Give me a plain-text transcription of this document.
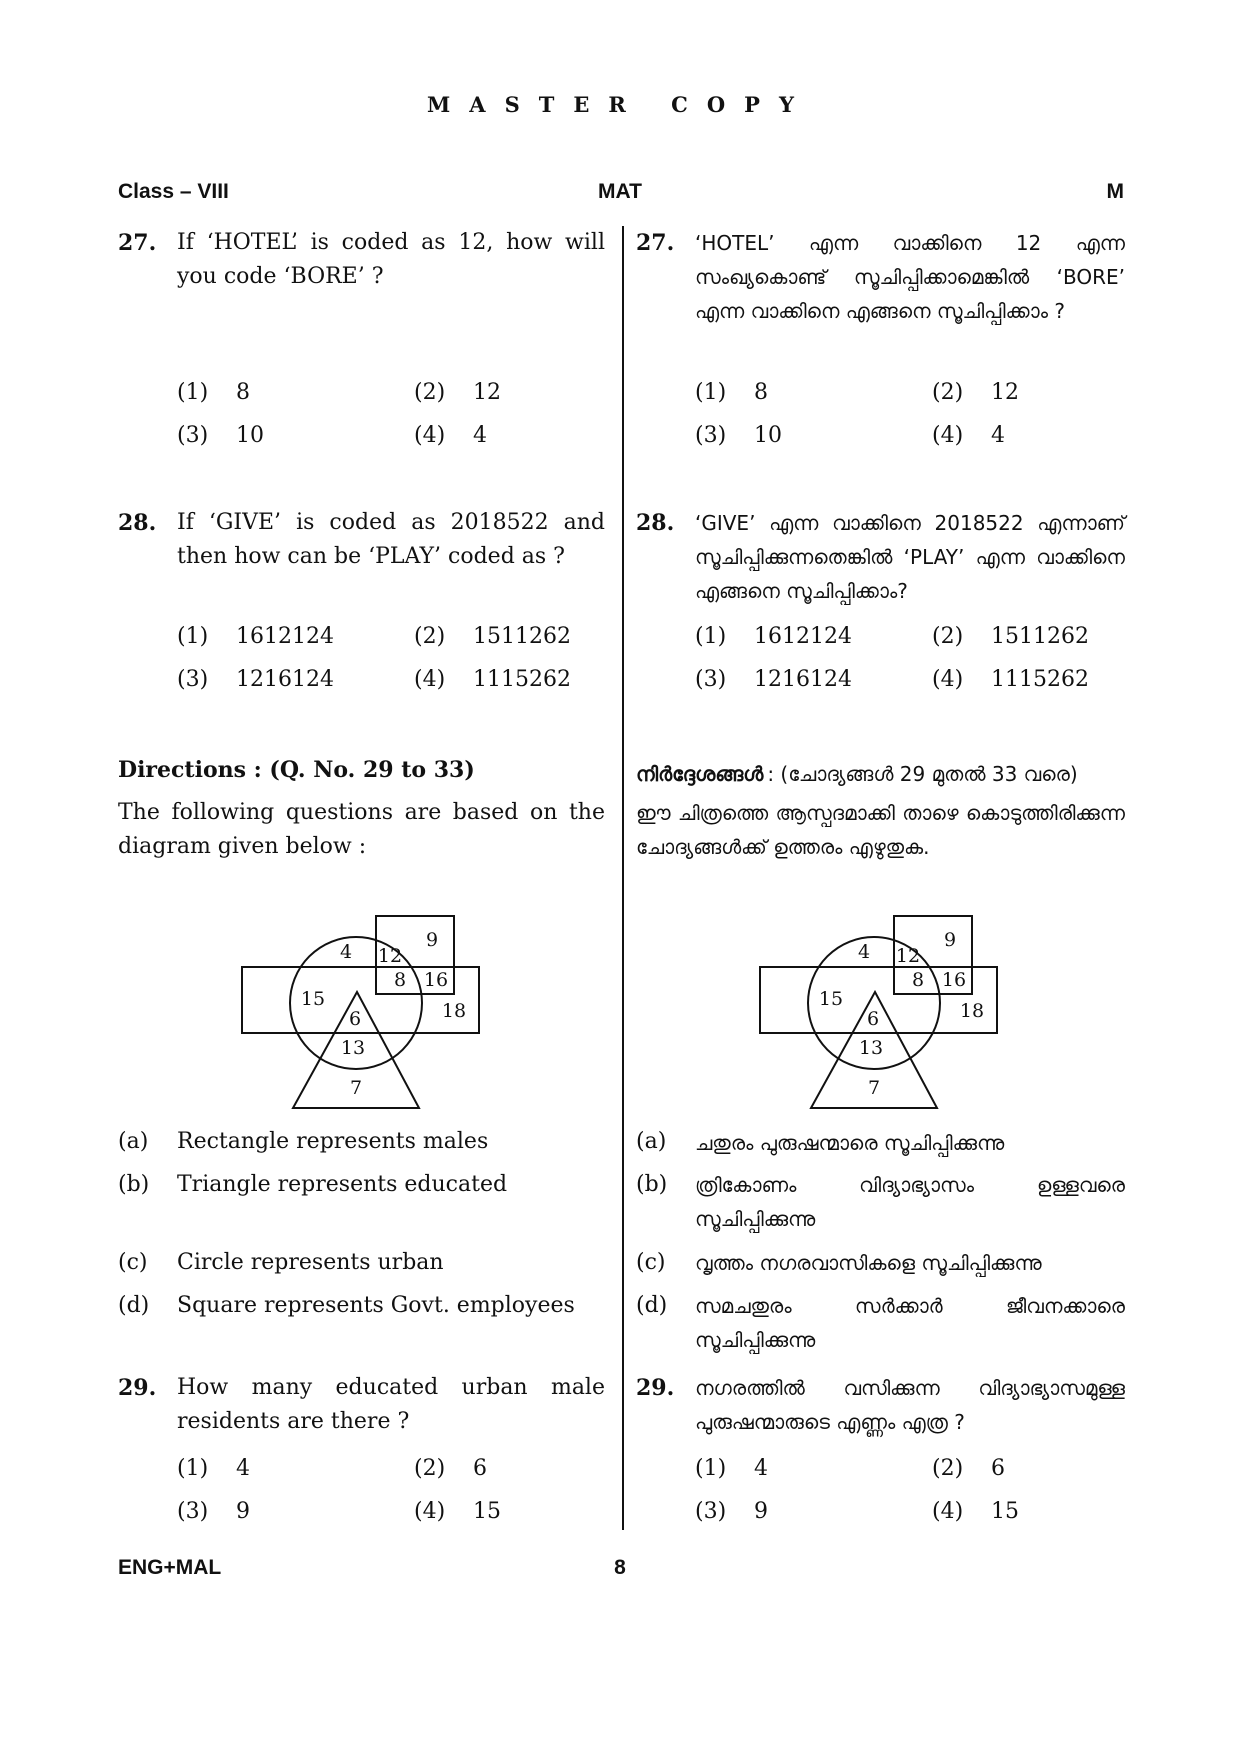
MASTER COPY
Class – VIII	MAT	M
27. If ‘HOTEL’ is coded as 12, how will you code ‘BORE’ ?
(1) 8	(2) 12
(3) 10	(4) 4
28. If ‘GIVE’ is coded as 2018522 and then how can be ‘PLAY’ coded as ?
(1) 1612124	(2) 1511262
(3) 1216124	(4) 1115262
Directions : (Q. No. 29 to 33)
The following questions are based on the diagram given below :
4
9
12
8 16
15
18
6
13
7
(a) Rectangle represents males
(b) Triangle represents educated
(c) Circle represents urban
(d) Square represents Govt. employees
29. How many educated urban male residents are there ?
(1) 4	(2) 6
(3) 9	(4) 15
27. ‘HOTEL’ എന്ന വാക്കിനെ 12 എന്ന സംഖ്യകൊണ്ട് സൂചിപ്പിക്കാമെങ്കിൽ ‘BORE’ എന്ന വാക്കിനെ എങ്ങനെ സൂചിപ്പിക്കാം ?
(1) 8	(2) 12
(3) 10	(4) 4
28. ‘GIVE’ എന്ന വാക്കിനെ 2018522 എന്നാണ് സൂചിപ്പിക്കുന്നതെങ്കിൽ ‘PLAY’ എന്ന വാക്കിനെ എങ്ങനെ സൂചിപ്പിക്കാം?
(1) 1612124	(2) 1511262
(3) 1216124	(4) 1115262
നിർദ്ദേശങ്ങൾ : (ചോദ്യങ്ങൾ 29 മുതൽ 33 വരെ)
ഈ ചിത്രത്തെ ആസ്പദമാക്കി താഴെ കൊടുത്തിരിക്കുന്ന ചോദ്യങ്ങൾക്ക് ഉത്തരം എഴുതുക.
4
9
12
8 16
15
18
6
13
7
(a) ചതുരം പുരുഷന്മാരെ സൂചിപ്പിക്കുന്നു
(b) ത്രികോണം വിദ്യാഭ്യാസം ഉള്ളവരെ സൂചിപ്പിക്കുന്നു
(c) വൃത്തം നഗരവാസികളെ സൂചിപ്പിക്കുന്നു
(d) സമചതുരം സർക്കാർ ജീവനക്കാരെ സൂചിപ്പിക്കുന്നു
29. നഗരത്തിൽ വസിക്കുന്ന വിദ്യാഭ്യാസമുള്ള പുരുഷന്മാരുടെ എണ്ണം എത്ര ?
(1) 4	(2) 6
(3) 9	(4) 15
ENG+MAL	8
